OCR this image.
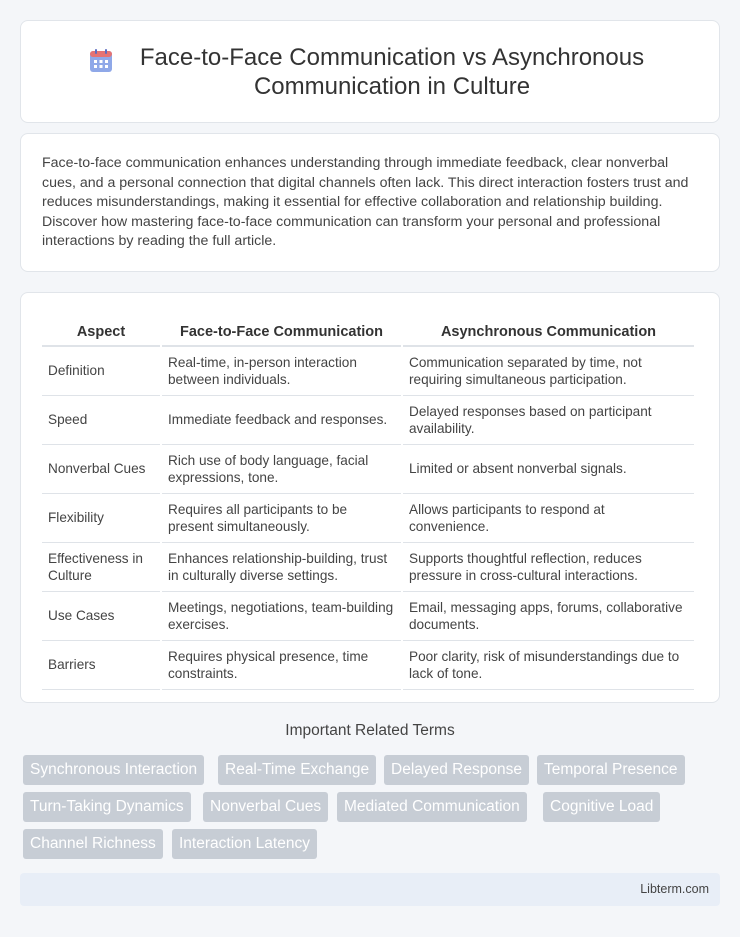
Face-to-Face Communication vs Asynchronous Communication in Culture

Face-to-face communication enhances understanding through immediate feedback, clear nonverbal cues, and a personal connection that digital channels often lack. This direct interaction fosters trust and reduces misunderstandings, making it essential for effective collaboration and relationship building. Discover how mastering face-to-face communication can transform your personal and professional interactions by reading the full article.

Aspect	Face-to-Face Communication	Asynchronous Communication
Definition	Real-time, in-person interaction between individuals.	Communication separated by time, not requiring simultaneous participation.
Speed	Immediate feedback and responses.	Delayed responses based on participant availability.
Nonverbal Cues	Rich use of body language, facial expressions, tone.	Limited or absent nonverbal signals.
Flexibility	Requires all participants to be present simultaneously.	Allows participants to respond at convenience.
Effectiveness in Culture	Enhances relationship-building, trust in culturally diverse settings.	Supports thoughtful reflection, reduces pressure in cross-cultural interactions.
Use Cases	Meetings, negotiations, team-building exercises.	Email, messaging apps, forums, collaborative documents.
Barriers	Requires physical presence, time constraints.	Poor clarity, risk of misunderstandings due to lack of tone.
Important Related Terms
Synchronous Interaction	Real-Time Exchange	Delayed Response	Temporal Presence
Turn-Taking Dynamics	Nonverbal Cues	Mediated Communication	Cognitive Load
Channel Richness	Interaction Latency
Libterm.com
